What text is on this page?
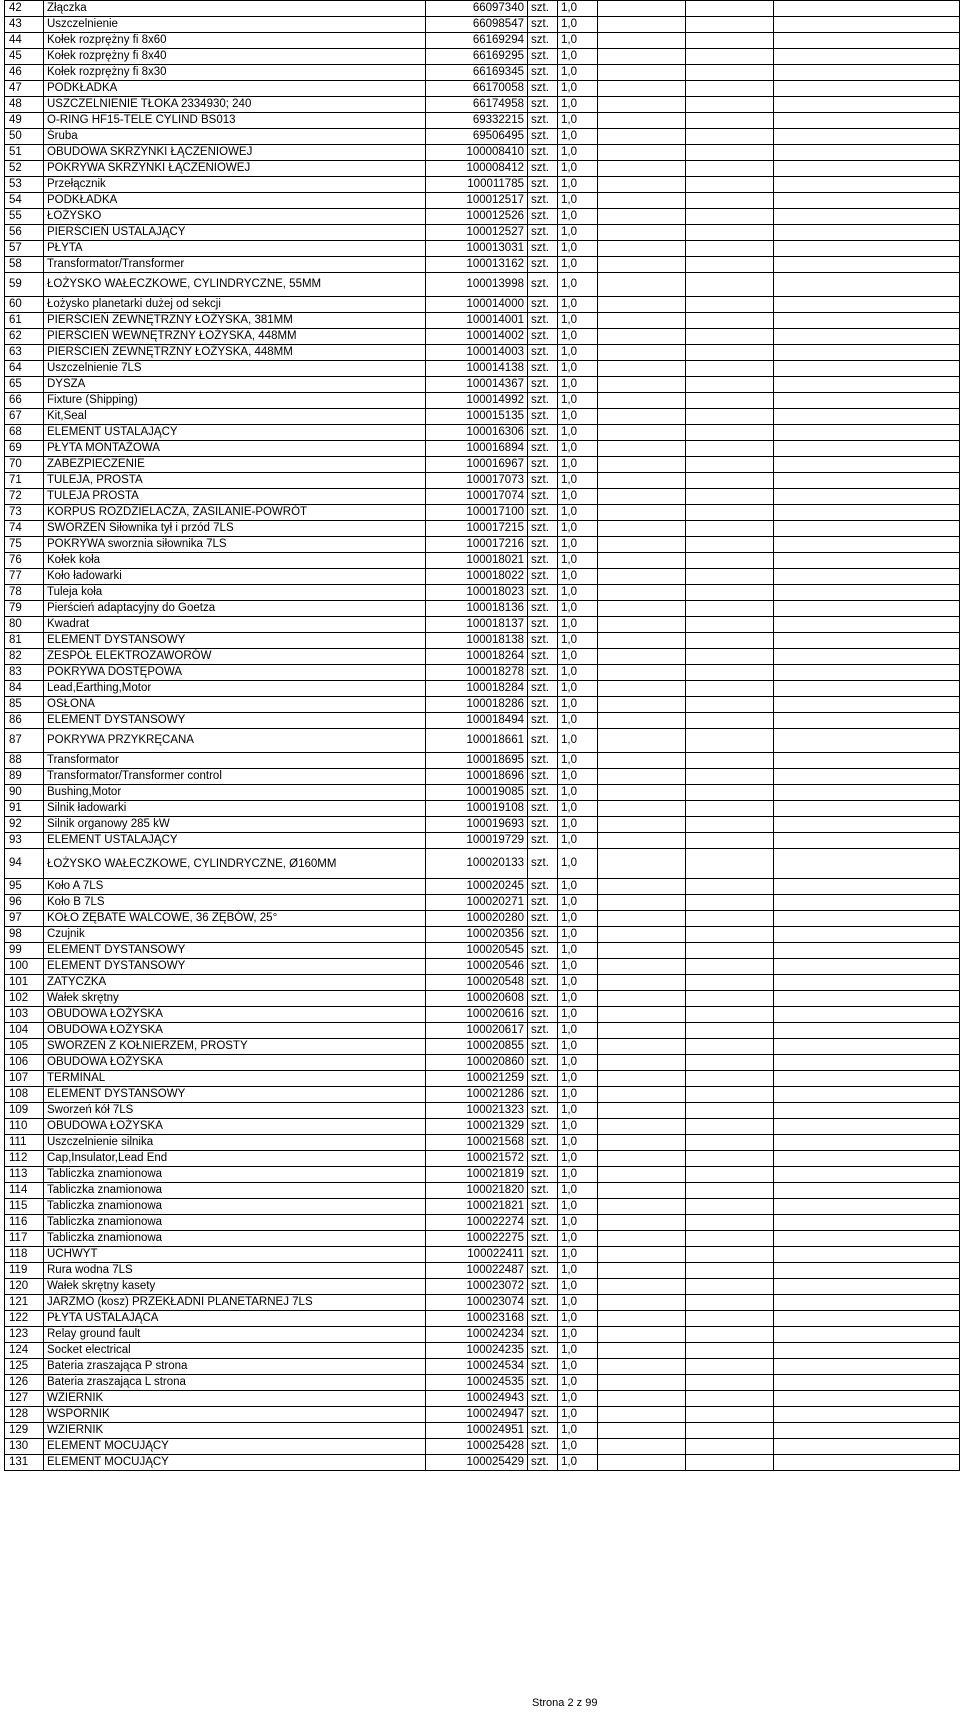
42	Złączka	66097340	szt.	1,0			
43	Uszczelnienie	66098547	szt.	1,0			
44	Kołek rozprężny fi 8x60	66169294	szt.	1,0			
45	Kołek rozprężny fi 8x40	66169295	szt.	1,0			
46	Kołek rozprężny fi 8x30	66169345	szt.	1,0			
47	PODKŁADKA	66170058	szt.	1,0			
48	USZCZELNIENIE TŁOKA 2334930; 240	66174958	szt.	1,0			
49	O-RING HF15-TELE CYLIND BS013	69332215	szt.	1,0			
50	Śruba	69506495	szt.	1,0			
51	OBUDOWA SKRZYNKI ŁĄCZENIOWEJ	100008410	szt.	1,0			
52	POKRYWA SKRZYNKI ŁĄCZENIOWEJ	100008412	szt.	1,0			
53	Przełącznik	100011785	szt.	1,0			
54	PODKŁADKA	100012517	szt.	1,0			
55	ŁOŻYSKO	100012526	szt.	1,0			
56	PIERŚCIEŃ USTALAJĄCY	100012527	szt.	1,0			
57	PŁYTA	100013031	szt.	1,0			
58	Transformator/Transformer	100013162	szt.	1,0			
59	ŁOŻYSKO WAŁECZKOWE, CYLINDRYCZNE, 55MM	100013998	szt.	1,0			
60	Łożysko planetarki dużej od sekcji	100014000	szt.	1,0			
61	PIERŚCIEŃ ZEWNĘTRZNY ŁOŻYSKA, 381MM	100014001	szt.	1,0			
62	PIERŚCIEŃ WEWNĘTRZNY ŁOŻYSKA, 448MM	100014002	szt.	1,0			
63	PIERŚCIEŃ ZEWNĘTRZNY ŁOŻYSKA, 448MM	100014003	szt.	1,0			
64	Uszczelnienie 7LS	100014138	szt.	1,0			
65	DYSZA	100014367	szt.	1,0			
66	Fixture (Shipping)	100014992	szt.	1,0			
67	Kit,Seal	100015135	szt.	1,0			
68	ELEMENT USTALAJĄCY	100016306	szt.	1,0			
69	PŁYTA MONTAŻOWA	100016894	szt.	1,0			
70	ZABEZPIECZENIE	100016967	szt.	1,0			
71	TULEJA, PROSTA	100017073	szt.	1,0			
72	TULEJA PROSTA	100017074	szt.	1,0			
73	KORPUS ROZDZIELACZA, ZASILANIE-POWRÓT	100017100	szt.	1,0			
74	SWORZEŃ Siłownika tył i przód 7LS	100017215	szt.	1,0			
75	POKRYWA sworznia siłownika 7LS	100017216	szt.	1,0			
76	Kołek koła	100018021	szt.	1,0			
77	Koło ładowarki	100018022	szt.	1,0			
78	Tuleja koła	100018023	szt.	1,0			
79	Pierścień adaptacyjny do Goetza	100018136	szt.	1,0			
80	Kwadrat	100018137	szt.	1,0			
81	ELEMENT DYSTANSOWY	100018138	szt.	1,0			
82	ZESPÓŁ ELEKTROZAWORÓW	100018264	szt.	1,0			
83	POKRYWA DOSTĘPOWA	100018278	szt.	1,0			
84	Lead,Earthing,Motor	100018284	szt.	1,0			
85	OSŁONA	100018286	szt.	1,0			
86	ELEMENT DYSTANSOWY	100018494	szt.	1,0			
87	POKRYWA PRZYKRĘCANA	100018661	szt.	1,0			
88	Transformator	100018695	szt.	1,0			
89	Transformator/Transformer control	100018696	szt.	1,0			
90	Bushing,Motor	100019085	szt.	1,0			
91	Silnik ładowarki	100019108	szt.	1,0			
92	Silnik organowy 285 kW	100019693	szt.	1,0			
93	ELEMENT USTALAJĄCY	100019729	szt.	1,0			
94	ŁOŻYSKO WAŁECZKOWE, CYLINDRYCZNE, Ø160MM	100020133	szt.	1,0			
95	Koło A 7LS	100020245	szt.	1,0			
96	Koło B 7LS	100020271	szt.	1,0			
97	KOŁO ZĘBATE WALCOWE, 36 ZĘBÓW, 25°	100020280	szt.	1,0			
98	Czujnik	100020356	szt.	1,0			
99	ELEMENT DYSTANSOWY	100020545	szt.	1,0			
100	ELEMENT DYSTANSOWY	100020546	szt.	1,0			
101	ZATYCZKA	100020548	szt.	1,0			
102	Wałek skrętny	100020608	szt.	1,0			
103	OBUDOWA ŁOŻYSKA	100020616	szt.	1,0			
104	OBUDOWA ŁOŻYSKA	100020617	szt.	1,0			
105	SWORZEŃ Z KOŁNIERZEM, PROSTY	100020855	szt.	1,0			
106	OBUDOWA ŁOŻYSKA	100020860	szt.	1,0			
107	TERMINAL	100021259	szt.	1,0			
108	ELEMENT DYSTANSOWY	100021286	szt.	1,0			
109	Sworzeń kół 7LS	100021323	szt.	1,0			
110	OBUDOWA ŁOŻYSKA	100021329	szt.	1,0			
111	Uszczelnienie silnika	100021568	szt.	1,0			
112	Cap,Insulator,Lead End	100021572	szt.	1,0			
113	Tabliczka znamionowa	100021819	szt.	1,0			
114	Tabliczka znamionowa	100021820	szt.	1,0			
115	Tabliczka znamionowa	100021821	szt.	1,0			
116	Tabliczka znamionowa	100022274	szt.	1,0			
117	Tabliczka znamionowa	100022275	szt.	1,0			
118	UCHWYT	100022411	szt.	1,0			
119	Rura wodna 7LS	100022487	szt.	1,0			
120	Wałek skrętny kasety	100023072	szt.	1,0			
121	JARZMO (kosz) PRZEKŁADNI PLANETARNEJ 7LS	100023074	szt.	1,0			
122	PŁYTA USTALAJĄCA	100023168	szt.	1,0			
123	Relay ground fault	100024234	szt.	1,0			
124	Socket electrical	100024235	szt.	1,0			
125	Bateria zraszająca P strona	100024534	szt.	1,0			
126	Bateria zraszająca L strona	100024535	szt.	1,0			
127	WZIERNIK	100024943	szt.	1,0			
128	WSPORNIK	100024947	szt.	1,0			
129	WZIERNIK	100024951	szt.	1,0			
130	ELEMENT MOCUJĄCY	100025428	szt.	1,0			
131	ELEMENT MOCUJĄCY	100025429	szt.	1,0			
Strona 2 z 99
